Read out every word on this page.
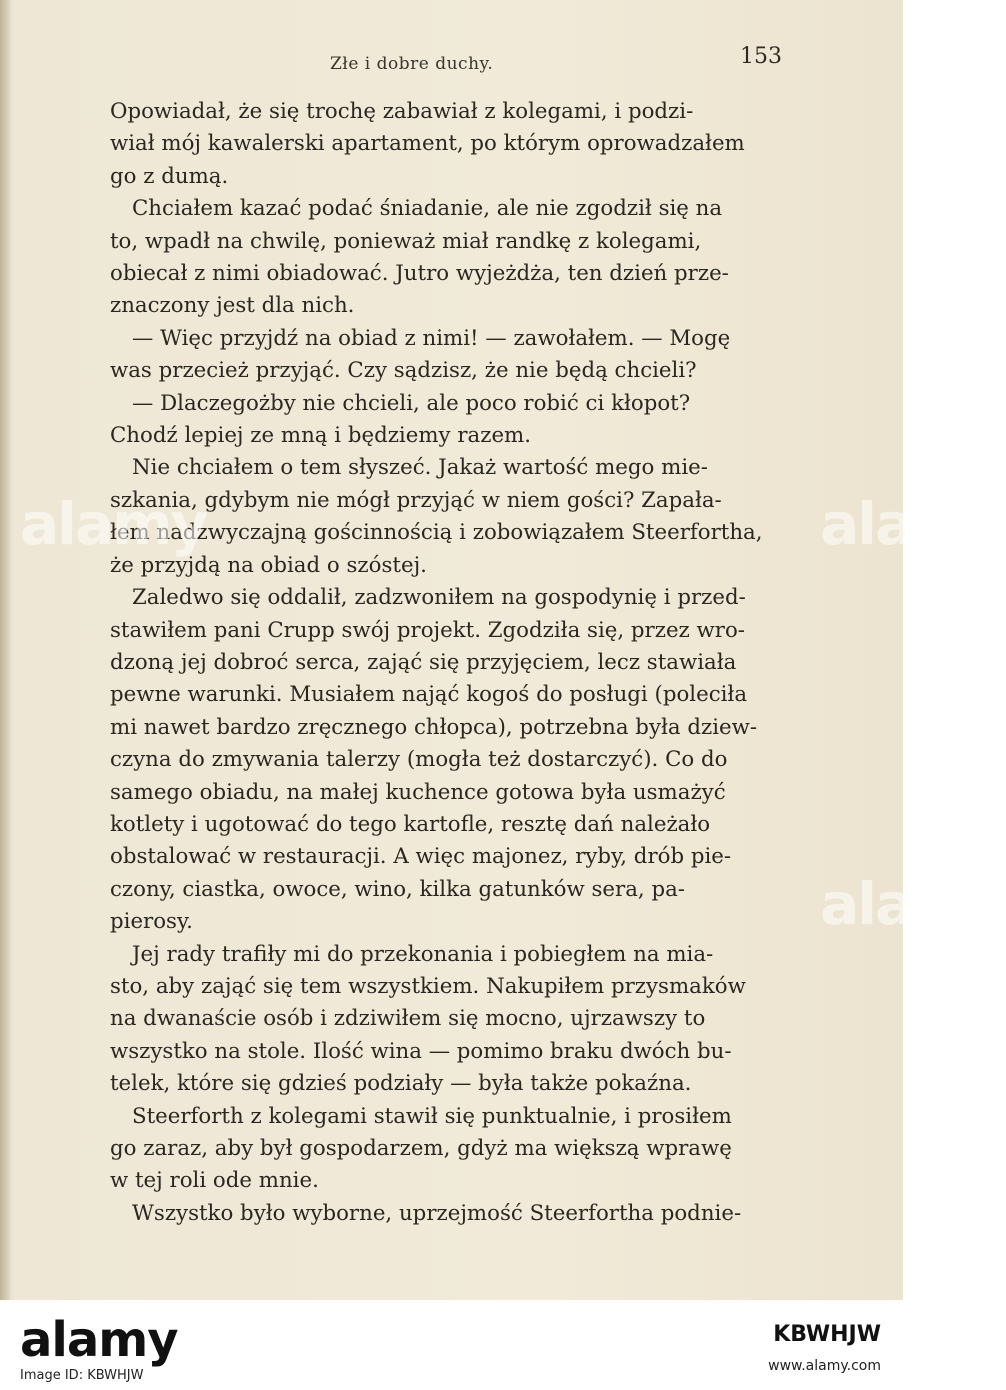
Złe i dobre duchy.	153
Opowiadał, że się trochę zabawiał z kolegami, i podzi-
wiał mój kawalerski apartament, po którym oprowadzałem
go z dumą.
Chciałem kazać podać śniadanie, ale nie zgodził się na
to, wpadł na chwilę, ponieważ miał randkę z kolegami,
obiecał z nimi obiadować. Jutro wyjeżdża, ten dzień prze-
znaczony jest dla nich.
— Więc przyjdź na obiad z nimi! — zawołałem. — Mogę
was przecież przyjąć. Czy sądzisz, że nie będą chcieli?
— Dlaczegożby nie chcieli, ale poco robić ci kłopot?
Chodź lepiej ze mną i będziemy razem.
Nie chciałem o tem słyszeć. Jakaż wartość mego mie-
szkania, gdybym nie mógł przyjąć w niem gości? Zapała-
łem nadzwyczajną gościnnością i zobowiązałem Steerfortha,
że przyjdą na obiad o szóstej.
Zaledwo się oddalił, zadzwoniłem na gospodynię i przed-
stawiłem pani Crupp swój projekt. Zgodziła się, przez wro-
dzoną jej dobroć serca, zająć się przyjęciem, lecz stawiała
pewne warunki. Musiałem nająć kogoś do posługi (poleciła
mi nawet bardzo zręcznego chłopca), potrzebna była dziew-
czyna do zmywania talerzy (mogła też dostarczyć). Co do
samego obiadu, na małej kuchence gotowa była usmażyć
kotlety i ugotować do tego kartofle, resztę dań należało
obstalować w restauracji. A więc majonez, ryby, drób pie-
czony, ciastka, owoce, wino, kilka gatunków sera, pa-
pierosy.
Jej rady trafiły mi do przekonania i pobiegłem na mia-
sto, aby zająć się tem wszystkiem. Nakupiłem przysmaków
na dwanaście osób i zdziwiłem się mocno, ujrzawszy to
wszystko na stole. Ilość wina — pomimo braku dwóch bu-
telek, które się gdzieś podziały — była także pokaźna.
Steerforth z kolegami stawił się punktualnie, i prosiłem
go zaraz, aby był gospodarzem, gdyż ma większą wprawę
w tej roli ode mnie.
Wszystko było wyborne, uprzejmość Steerfortha podnie-
alamy	alamy
alamy
alamy
Image ID: KBWHJW
KBWHJW
www.alamy.com
